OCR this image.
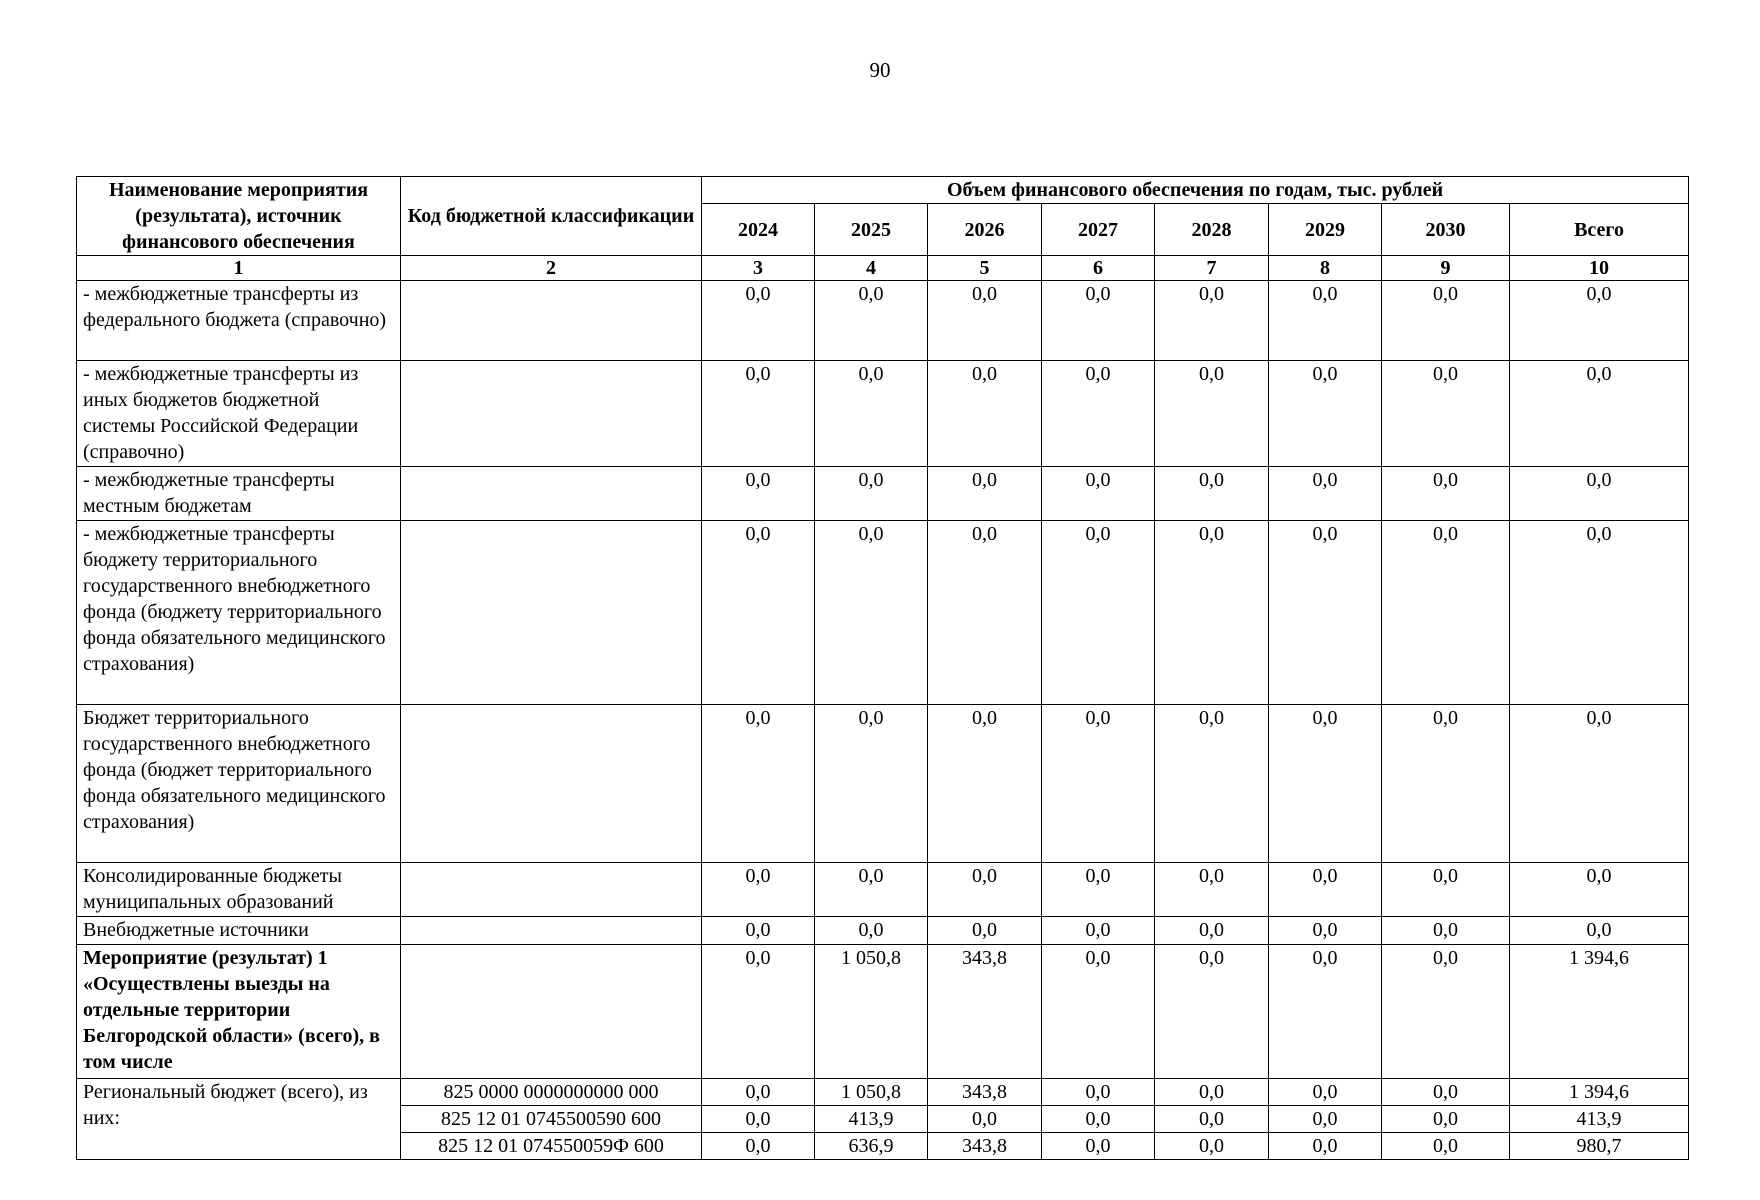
90
Наименование мероприятия (результата), источник финансового обеспечения	Код бюджетной классификации	Объем финансового обеспечения по годам, тыс. рублей							
		2024	2025	2026	2027	2028	2029	2030	Всего
1	2	3	4	5	6	7	8	9	10
- межбюджетные трансферты из федерального бюджета (справочно)		0,0	0,0	0,0	0,0	0,0	0,0	0,0	0,0
- межбюджетные трансферты из иных бюджетов бюджетной системы Российской Федерации (справочно)		0,0	0,0	0,0	0,0	0,0	0,0	0,0	0,0
- межбюджетные трансферты местным бюджетам		0,0	0,0	0,0	0,0	0,0	0,0	0,0	0,0
- межбюджетные трансферты бюджету территориального государственного внебюджетного фонда (бюджету территориального фонда обязательного медицинского страхования)		0,0	0,0	0,0	0,0	0,0	0,0	0,0	0,0
Бюджет территориального государственного внебюджетного фонда (бюджет территориального фонда обязательного медицинского страхования)		0,0	0,0	0,0	0,0	0,0	0,0	0,0	0,0
Консолидированные бюджеты муниципальных образований		0,0	0,0	0,0	0,0	0,0	0,0	0,0	0,0
Внебюджетные источники		0,0	0,0	0,0	0,0	0,0	0,0	0,0	0,0
Мероприятие (результат) 1 «Осуществлены выезды на отдельные территории Белгородской области» (всего), в том числе		0,0	1 050,8	343,8	0,0	0,0	0,0	0,0	1 394,6
Региональный бюджет (всего), из них:	825 0000 0000000000 000	0,0	1 050,8	343,8	0,0	0,0	0,0	0,0	1 394,6
	825 12 01 0745500590 600	0,0	413,9	0,0	0,0	0,0	0,0	0,0	413,9
	825 12 01 074550059Ф 600	0,0	636,9	343,8	0,0	0,0	0,0	0,0	980,7
